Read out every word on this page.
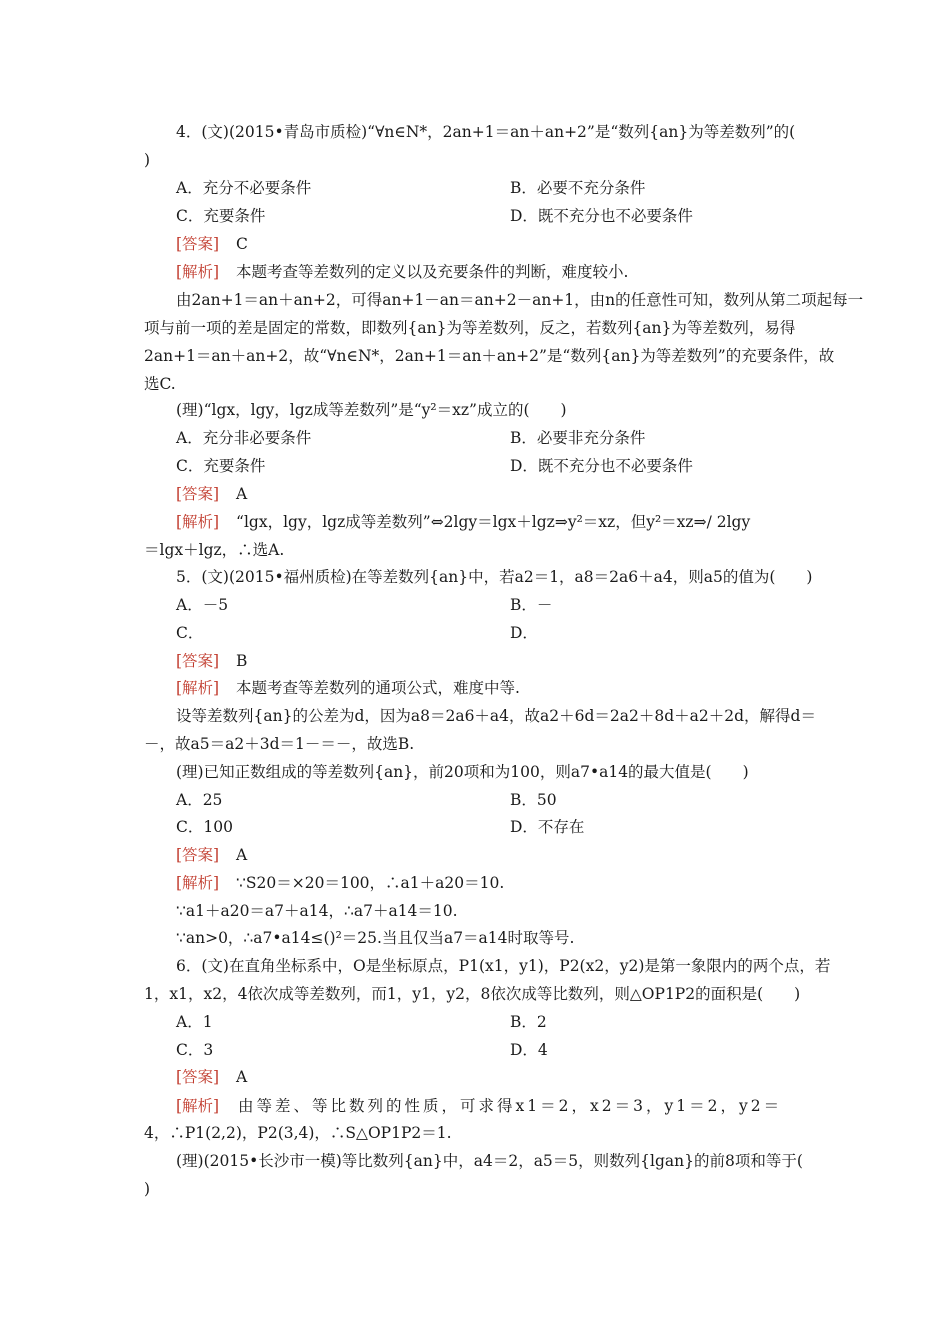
4．(文)(2015•青岛市质检)“∀n∈N*，2an+1＝an＋an+2”是“数列{an}为等差数列”的(
)
A．充分不必要条件	B．必要不充分条件
C．充要条件	D．既不充分也不必要条件
[答案] C
[解析] 本题考查等差数列的定义以及充要条件的判断，难度较小.
由2an+1＝an＋an+2，可得an+1－an＝an+2－an+1，由n的任意性可知，数列从第二项起每一
项与前一项的差是固定的常数，即数列{an}为等差数列，反之，若数列{an}为等差数列，易得
2an+1＝an＋an+2，故“∀n∈N*，2an+1＝an＋an+2”是“数列{an}为等差数列”的充要条件，故
选C.
(理)“lgx，lgy，lgz成等差数列”是“y²＝xz”成立的(　　)
A．充分非必要条件	B．必要非充分条件
C．充要条件	D．既不充分也不必要条件
[答案] A
[解析] “lgx，lgy，lgz成等差数列”⇔2lgy＝lgx＋lgz⇒y²＝xz，但y²＝xz⇒/ 2lgy
＝lgx＋lgz，∴选A.
5．(文)(2015•福州质检)在等差数列{an}中，若a2＝1，a8＝2a6＋a4，则a5的值为(　　)
A．－5	B．－
C．	D．
[答案] B
[解析] 本题考查等差数列的通项公式，难度中等.
设等差数列{an}的公差为d，因为a8＝2a6＋a4，故a2＋6d＝2a2＋8d＋a2＋2d，解得d＝
－，故a5＝a2＋3d＝1－＝－，故选B.
(理)已知正数组成的等差数列{an}，前20项和为100，则a7•a14的最大值是(　　)
A．25	B．50
C．100	D．不存在
[答案] A
[解析] ∵S20＝×20＝100，∴a1＋a20＝10.
∵a1＋a20＝a7＋a14，∴a7＋a14＝10.
∵an>0，∴a7•a14≤()²＝25.当且仅当a7＝a14时取等号.
6．(文)在直角坐标系中，O是坐标原点，P1(x1，y1)，P2(x2，y2)是第一象限内的两个点，若
1，x1，x2，4依次成等差数列，而1，y1，y2，8依次成等比数列，则△OP1P2的面积是(　　)
A．1	B．2
C．3	D．4
[答案] A
[解析] 由等差、等比数列的性质，可求得x1＝2，x2＝3，y1＝2，y2＝
4，∴P1(2,2)，P2(3,4)，∴S△OP1P2＝1.
(理)(2015•长沙市一模)等比数列{an}中，a4＝2，a5＝5，则数列{lgan}的前8项和等于(
)
